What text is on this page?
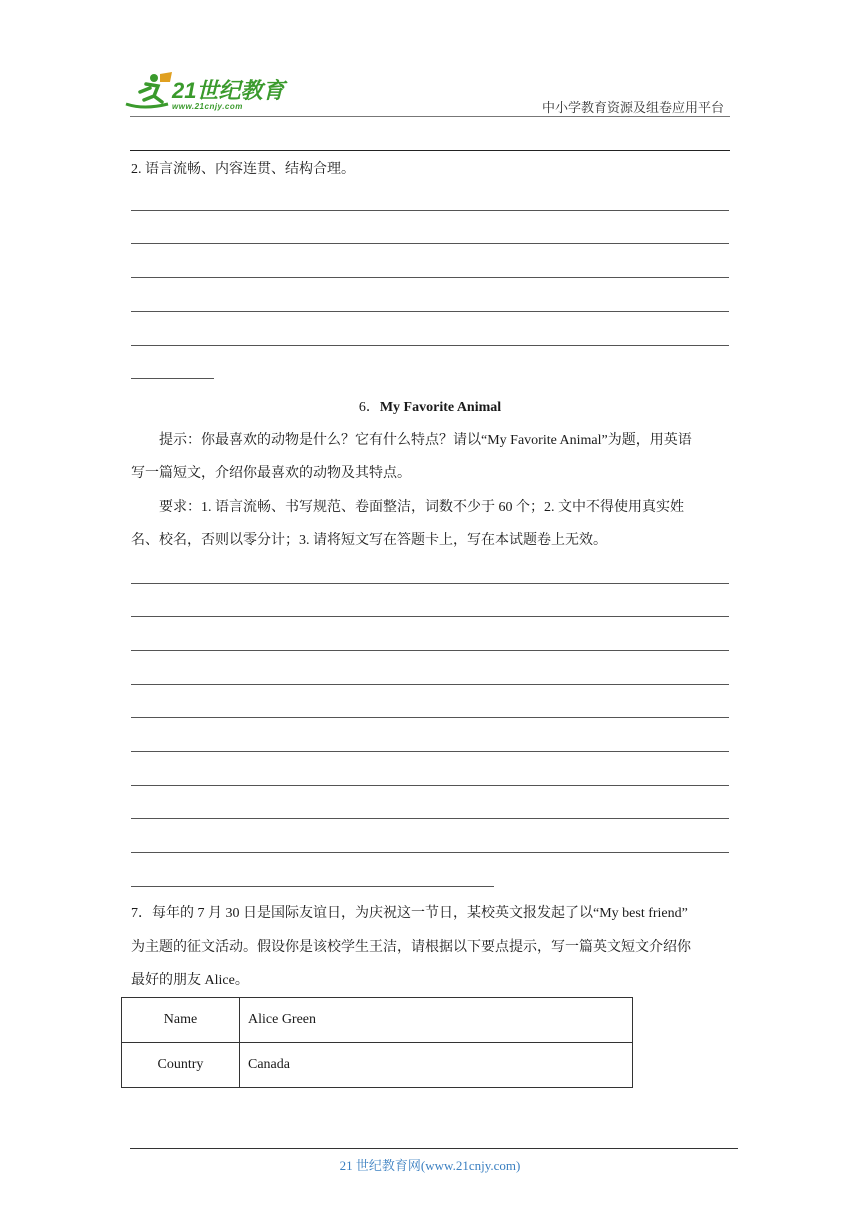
21世纪教育
www.21cnjy.com	中小学教育资源及组卷应用平台
2. 语言流畅、内容连贯、结构合理。
6．My Favorite Animal
提示：你最喜欢的动物是什么？它有什么特点？请以“My Favorite Animal”为题，用英语
写一篇短文，介绍你最喜欢的动物及其特点。
要求：1. 语言流畅、书写规范、卷面整洁，词数不少于 60 个；2. 文中不得使用真实姓
名、校名，否则以零分计；3. 请将短文写在答题卡上，写在本试题卷上无效。
7．每年的 7 月 30 日是国际友谊日，为庆祝这一节日，某校英文报发起了以“My best friend”
为主题的征文活动。假设你是该校学生王洁，请根据以下要点提示，写一篇英文短文介绍你
最好的朋友 Alice。
Name	Alice Green
Country	Canada
21 世纪教育网(www.21cnjy.com)
